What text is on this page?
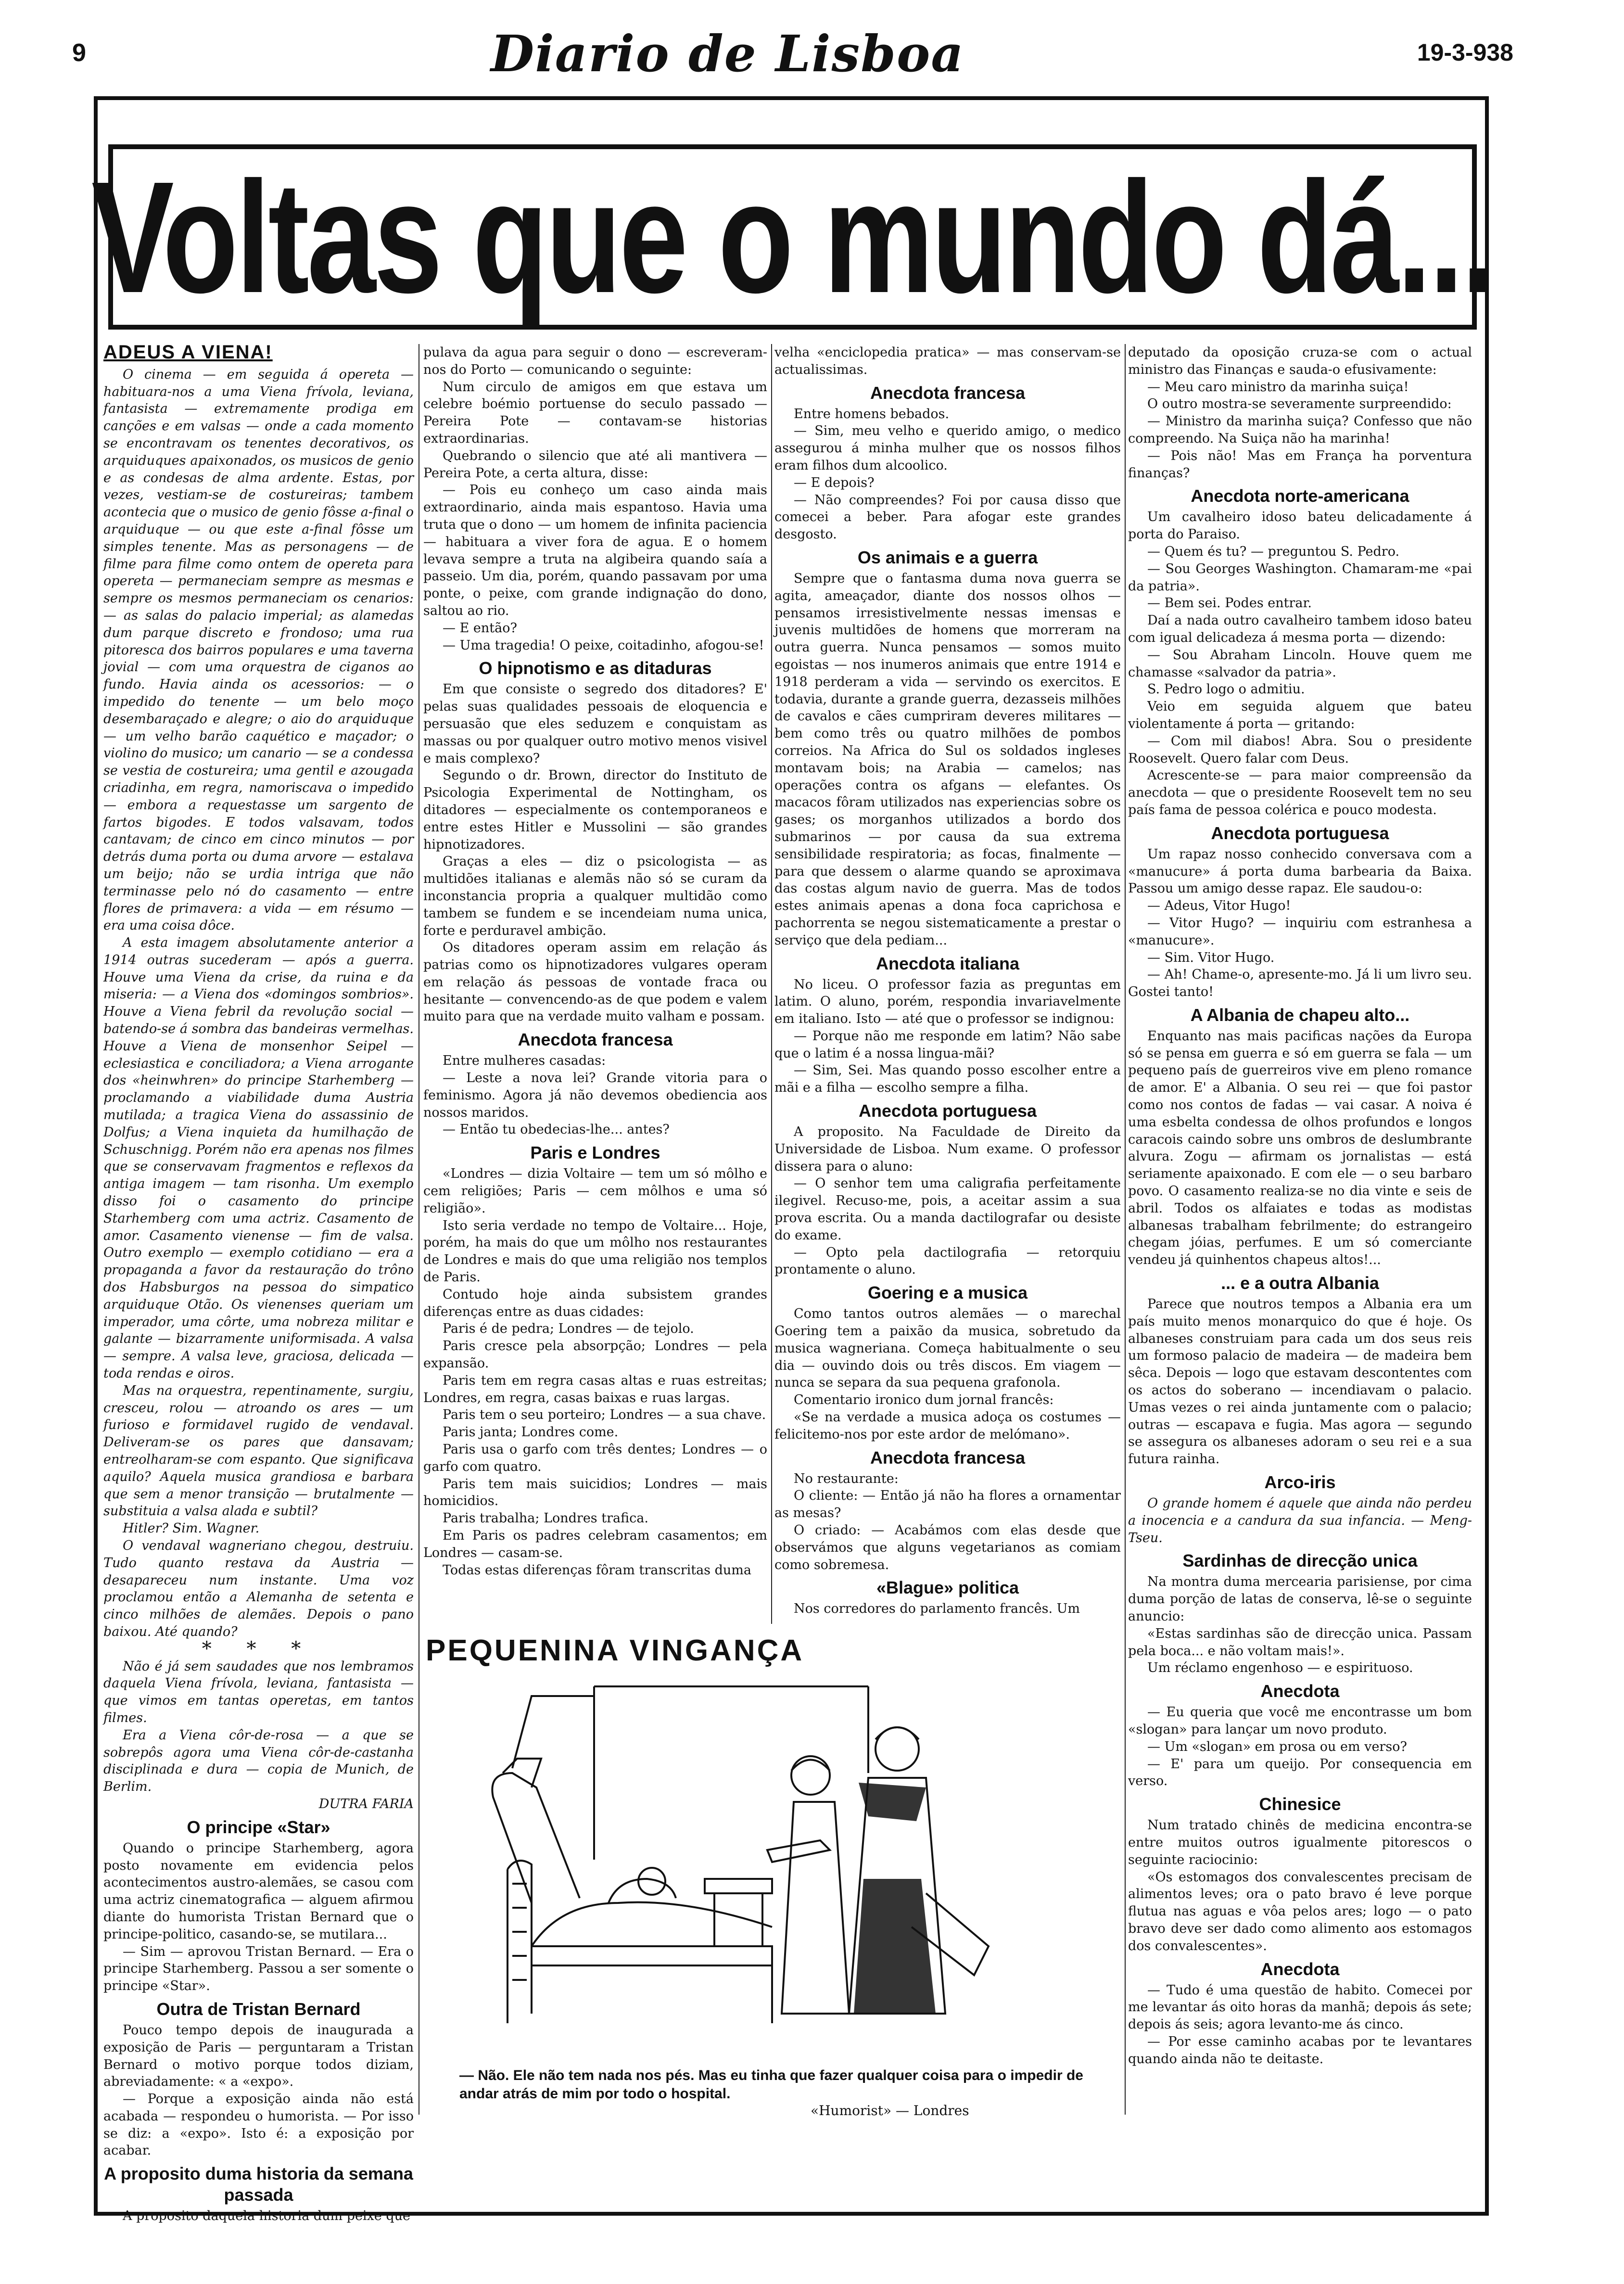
9	Diario de Lisboa	19-3-938
Voltas que o mundo dá...
ADEUS A VIENA!

O cinema — em seguida á opereta — habituara-nos a uma Viena frívola, leviana, fantasista — extremamente prodiga em canções e em valsas — onde a cada momento se encontravam os tenentes decorativos, os arquiduques apaixonados, os musicos de genio e as condesas de alma ardente. Estas, por vezes, vestiam-se de costureiras; tambem acontecia que o musico de genio fôsse a-final o arquiduque — ou que este a-final fôsse um simples tenente. Mas as personagens — de filme para filme como ontem de opereta para opereta — permaneciam sempre as mesmas e sempre os mesmos permaneciam os cenarios: — as salas do palacio imperial; as alamedas dum parque discreto e frondoso; uma rua pitoresca dos bairros populares e uma taverna jovial — com uma orquestra de ciganos ao fundo. Havia ainda os acessorios: — o impedido do tenente — um belo moço desembaraçado e alegre; o aio do arquiduque — um velho barão caquético e maçador; o violino do musico; um canario — se a condessa se vestia de costureira; uma gentil e azougada criadinha, em regra, namoriscava o impedido — embora a requestasse um sargento de fartos bigodes. E todos valsavam, todos cantavam; de cinco em cinco minutos — por detrás duma porta ou duma arvore — estalava um beijo; não se urdia intriga que não terminasse pelo nó do casamento — entre flores de primavera: a vida — em résumo — era uma coisa dôce.

A esta imagem absolutamente anterior a 1914 outras sucederam — após a guerra. Houve uma Viena da crise, da ruina e da miseria: — a Viena dos «domingos sombrios». Houve a Viena febril da revolução social — batendo-se á sombra das bandeiras vermelhas. Houve a Viena de monsenhor Seipel — eclesiastica e conciliadora; a Viena arrogante dos «heinwhren» do principe Starhemberg — proclamando a viabilidade duma Austria mutilada; a tragica Viena do assassinio de Dolfus; a Viena inquieta da humilhação de Schuschnigg. Porém não era apenas nos filmes que se conservavam fragmentos e reflexos da antiga imagem — tam risonha. Um exemplo disso foi o casamento do principe Starhemberg com uma actriz. Casamento de amor. Casamento vienense — fim de valsa. Outro exemplo — exemplo cotidiano — era a propaganda a favor da restauração do trôno dos Habsburgos na pessoa do simpatico arquiduque Otão. Os vienenses queriam um imperador, uma côrte, uma nobreza militar e galante — bizarramente uniformisada. A valsa — sempre. A valsa leve, graciosa, delicada — toda rendas e oiros.

Mas na orquestra, repentinamente, surgiu, cresceu, rolou — atroando os ares — um furioso e formidavel rugido de vendaval. Deliveram-se os pares que dansavam; entreolharam-se com espanto. Que significava aquilo? Aquela musica grandiosa e barbara que sem a menor transição — brutalmente — substituia a valsa alada e subtil?

Hitler? Sim. Wagner.

O vendaval wagneriano chegou, destruiu. Tudo quanto restava da Austria — desapareceu num instante. Uma voz proclamou então a Alemanha de setenta e cinco milhões de alemães. Depois o pano baixou. Até quando?

* * *

Não é já sem saudades que nos lembramos daquela Viena frívola, leviana, fantasista — que vimos em tantas operetas, em tantos filmes.

Era a Viena côr-de-rosa — a que se sobrepôs agora uma Viena côr-de-castanha disciplinada e dura — copia de Munich, de Berlim.

DUTRA FARIA

O principe «Star»

Quando o principe Starhemberg, agora posto novamente em evidencia pelos acontecimentos austro-alemães, se casou com uma actriz cinematografica — alguem afirmou diante do humorista Tristan Bernard que o principe-politico, casando-se, se mutilara...

— Sim — aprovou Tristan Bernard. — Era o principe Starhemberg. Passou a ser somente o principe «Star».

Outra de Tristan Bernard

Pouco tempo depois de inaugurada a exposição de Paris — perguntaram a Tristan Bernard o motivo porque todos diziam, abreviadamente: « a «expo».

— Porque a exposição ainda não está acabada — respondeu o humorista. — Por isso se diz: a «expo». Isto é: a exposição por acabar.

A proposito duma historia da semana passada

A proposito daquela historia dum peixe que

pulava da agua para seguir o dono — escreveram-nos do Porto — comunicando o seguinte:

Num circulo de amigos em que estava um celebre boémio portuense do seculo passado — Pereira Pote — contavam-se historias extraordinarias.

Quebrando o silencio que até ali mantivera — Pereira Pote, a certa altura, disse:

— Pois eu conheço um caso ainda mais extraordinario, ainda mais espantoso. Havia uma truta que o dono — um homem de infinita paciencia — habituara a viver fora de agua. E o homem levava sempre a truta na algibeira quando saía a passeio. Um dia, porém, quando passavam por uma ponte, o peixe, com grande indignação do dono, saltou ao rio.

— E então?

— Uma tragedia! O peixe, coitadinho, afogou-se!

O hipnotismo e as ditaduras

Em que consiste o segredo dos ditadores? E' pelas suas qualidades pessoais de eloquencia e persuasão que eles seduzem e conquistam as massas ou por qualquer outro motivo menos visivel e mais complexo?

Segundo o dr. Brown, director do Instituto de Psicologia Experimental de Nottingham, os ditadores — especialmente os contemporaneos e entre estes Hitler e Mussolini — são grandes hipnotizadores.

Graças a eles — diz o psicologista — as multidões italianas e alemãs não só se curam da inconstancia propria a qualquer multidão como tambem se fundem e se incendeiam numa unica, forte e perduravel ambição.

Os ditadores operam assim em relação ás patrias como os hipnotizadores vulgares operam em relação ás pessoas de vontade fraca ou hesitante — convencendo-as de que podem e valem muito para que na verdade muito valham e possam.

Anecdota francesa

Entre mulheres casadas:

— Leste a nova lei? Grande vitoria para o feminismo. Agora já não devemos obediencia aos nossos maridos.

— Então tu obedecias-lhe... antes?

Paris e Londres

«Londres — dizia Voltaire — tem um só môlho e cem religiões; Paris — cem môlhos e uma só religião».

Isto seria verdade no tempo de Voltaire... Hoje, porém, ha mais do que um môlho nos restaurantes de Londres e mais do que uma religião nos templos de Paris.

Contudo hoje ainda subsistem grandes diferenças entre as duas cidades:

Paris é de pedra; Londres — de tejolo.

Paris cresce pela absorpção; Londres — pela expansão.

Paris tem em regra casas altas e ruas estreitas; Londres, em regra, casas baixas e ruas largas.

Paris tem o seu porteiro; Londres — a sua chave.

Paris janta; Londres come.

Paris usa o garfo com três dentes; Londres — o garfo com quatro.

Paris tem mais suicidios; Londres — mais homicidios.

Paris trabalha; Londres trafica.

Em Paris os padres celebram casamentos; em Londres — casam-se.

Todas estas diferenças fôram transcritas duma

velha «enciclopedia pratica» — mas conservam-se actualissimas.

Anecdota francesa

Entre homens bebados.

— Sim, meu velho e querido amigo, o medico assegurou á minha mulher que os nossos filhos eram filhos dum alcoolico.

— E depois?

— Não compreendes? Foi por causa disso que comecei a beber. Para afogar este grandes desgosto.

Os animais e a guerra

Sempre que o fantasma duma nova guerra se agita, ameaçador, diante dos nossos olhos — pensamos irresistivelmente nessas imensas e juvenis multidões de homens que morreram na outra guerra. Nunca pensamos — somos muito egoistas — nos inumeros animais que entre 1914 e 1918 perderam a vida — servindo os exercitos. E todavia, durante a grande guerra, dezasseis milhões de cavalos e cães cumpriram deveres militares — bem como três ou quatro milhões de pombos correios. Na Africa do Sul os soldados ingleses montavam bois; na Arabia — camelos; nas operações contra os afgans — elefantes. Os macacos fôram utilizados nas experiencias sobre os gases; os morganhos utilizados a bordo dos submarinos — por causa da sua extrema sensibilidade respiratoria; as focas, finalmente — para que dessem o alarme quando se aproximava das costas algum navio de guerra. Mas de todos estes animais apenas a dona foca caprichosa e pachorrenta se negou sistematicamente a prestar o serviço que dela pediam...

Anecdota italiana

No liceu. O professor fazia as preguntas em latim. O aluno, porém, respondia invariavelmente em italiano. Isto — até que o professor se indignou:

— Porque não me responde em latim? Não sabe que o latim é a nossa lingua-mãi?

— Sim, Sei. Mas quando posso escolher entre a mãi e a filha — escolho sempre a filha.

Anecdota portuguesa

A proposito. Na Faculdade de Direito da Universidade de Lisboa. Num exame. O professor dissera para o aluno:

— O senhor tem uma caligrafia perfeitamente ilegivel. Recuso-me, pois, a aceitar assim a sua prova escrita. Ou a manda dactilografar ou desiste do exame.

— Opto pela dactilografia — retorquiu prontamente o aluno.

Goering e a musica

Como tantos outros alemães — o marechal Goering tem a paixão da musica, sobretudo da musica wagneriana. Começa habitualmente o seu dia — ouvindo dois ou três discos. Em viagem — nunca se separa da sua pequena grafonola.

Comentario ironico dum jornal francês:

«Se na verdade a musica adoça os costumes — felicitemo-nos por este ardor de melómano».

Anecdota francesa

No restaurante:

O cliente: — Então já não ha flores a ornamentar as mesas?

O criado: — Acabámos com elas desde que observámos que alguns vegetarianos as comiam como sobremesa.

«Blague» politica

Nos corredores do parlamento francês. Um

deputado da oposição cruza-se com o actual ministro das Finanças e sauda-o efusivamente:

— Meu caro ministro da marinha suiça!

O outro mostra-se severamente surpreendido:

— Ministro da marinha suiça? Confesso que não compreendo. Na Suiça não ha marinha!

— Pois não! Mas em França ha porventura finanças?

Anecdota norte-americana

Um cavalheiro idoso bateu delicadamente á porta do Paraiso.

— Quem és tu? — preguntou S. Pedro.

— Sou Georges Washington. Chamaram-me «pai da patria».

— Bem sei. Podes entrar.

Daí a nada outro cavalheiro tambem idoso bateu com igual delicadeza á mesma porta — dizendo:

— Sou Abraham Lincoln. Houve quem me chamasse «salvador da patria».

S. Pedro logo o admitiu.

Veio em seguida alguem que bateu violentamente á porta — gritando:

— Com mil diabos! Abra. Sou o presidente Roosevelt. Quero falar com Deus.

Acrescente-se — para maior compreensão da anecdota — que o presidente Roosevelt tem no seu país fama de pessoa colérica e pouco modesta.

Anecdota portuguesa

Um rapaz nosso conhecido conversava com a «manucure» á porta duma barbearia da Baixa. Passou um amigo desse rapaz. Ele saudou-o:

— Adeus, Vitor Hugo!

— Vitor Hugo? — inquiriu com estranhesa a «manucure».

— Sim. Vitor Hugo.

— Ah! Chame-o, apresente-mo. Já li um livro seu. Gostei tanto!

A Albania de chapeu alto...

Enquanto nas mais pacificas nações da Europa só se pensa em guerra e só em guerra se fala — um pequeno país de guerreiros vive em pleno romance de amor. E' a Albania. O seu rei — que foi pastor como nos contos de fadas — vai casar. A noiva é uma esbelta condessa de olhos profundos e longos caracois caindo sobre uns ombros de deslumbrante alvura. Zogu — afirmam os jornalistas — está seriamente apaixonado. E com ele — o seu barbaro povo. O casamento realiza-se no dia vinte e seis de abril. Todos os alfaiates e todas as modistas albanesas trabalham febrilmente; do estrangeiro chegam jóias, perfumes. E um só comerciante vendeu já quinhentos chapeus altos!...

... e a outra Albania

Parece que noutros tempos a Albania era um país muito menos monarquico do que é hoje. Os albaneses construiam para cada um dos seus reis um formoso palacio de madeira — de madeira bem sêca. Depois — logo que estavam descontentes com os actos do soberano — incendiavam o palacio. Umas vezes o rei ainda juntamente com o palacio; outras — escapava e fugia. Mas agora — segundo se assegura os albaneses adoram o seu rei e a sua futura rainha.

Arco-iris

O grande homem é aquele que ainda não perdeu a inocencia e a candura da sua infancia. — Meng-Tseu.

Sardinhas de direcção unica

Na montra duma mercearia parisiense, por cima duma porção de latas de conserva, lê-se o seguinte anuncio:

«Estas sardinhas são de direcção unica. Passam pela boca... e não voltam mais!».

Um réclamo engenhoso — e espirituoso.

Anecdota

— Eu queria que você me encontrasse um bom «slogan» para lançar um novo produto.

— Um «slogan» em prosa ou em verso?

— E' para um queijo. Por consequencia em verso.

Chinesice

Num tratado chinês de medicina encontra-se entre muitos outros igualmente pitorescos o seguinte raciocinio:

«Os estomagos dos convalescentes precisam de alimentos leves; ora o pato bravo é leve porque flutua nas aguas e vôa pelos ares; logo — o pato bravo deve ser dado como alimento aos estomagos dos convalescentes».

Anecdota

— Tudo é uma questão de habito. Comecei por me levantar ás oito horas da manhã; depois ás sete; depois ás seis; agora levanto-me ás cinco.

— Por esse caminho acabas por te levantares quando ainda não te deitaste.

PEQUENINA VINGANÇA
— Não. Ele não tem nada nos pés. Mas eu tinha que fazer qualquer coisa para o impedir de andar atrás de mim por todo o hospital.
«Humorist» — Londres
